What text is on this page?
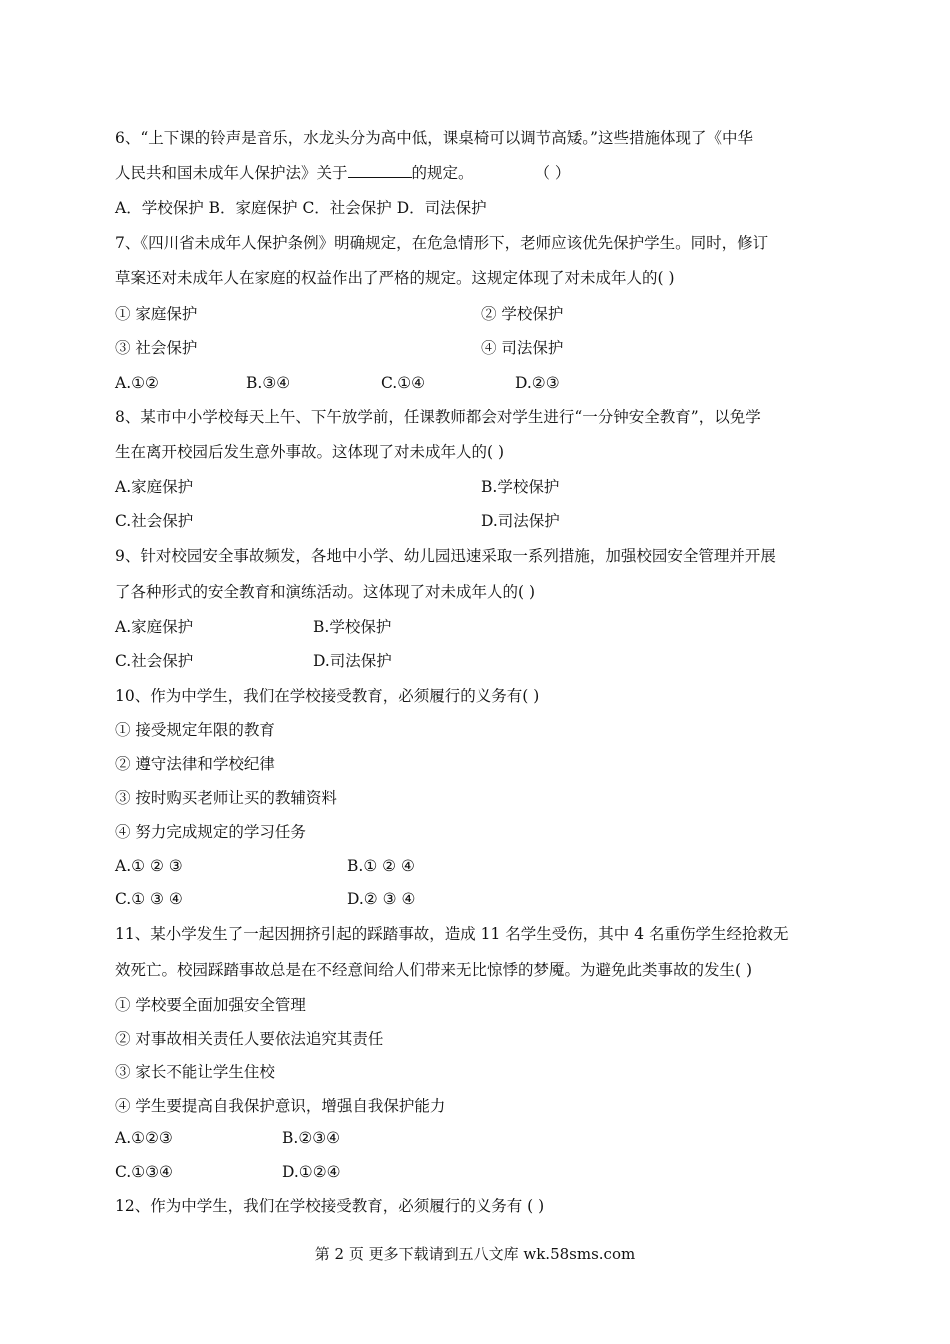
6、“上下课的铃声是音乐，水龙头分为高中低，课桌椅可以调节高矮。”这些措施体现了《中华
人民共和国未成年人保护法》关于	的规定。	（ ）
A．学校保护 B．家庭保护 C．社会保护 D．司法保护
7、《四川省未成年人保护条例》明确规定，在危急情形下，老师应该优先保护学生。同时，修订
草案还对未成年人在家庭的权益作出了严格的规定。这规定体现了对未成年人的( )
① 家庭保护	② 学校保护
③ 社会保护	④ 司法保护
A.①②	B.③④	C.①④	D.②③
8、某市中小学校每天上午、下午放学前，任课教师都会对学生进行“一分钟安全教育”，以免学
生在离开校园后发生意外事故。这体现了对未成年人的( )
A.家庭保护	B.学校保护
C.社会保护	D.司法保护
9、针对校园安全事故频发，各地中小学、幼儿园迅速采取一系列措施，加强校园安全管理并开展
了各种形式的安全教育和演练活动。这体现了对未成年人的( )
A.家庭保护	B.学校保护
C.社会保护	D.司法保护
10、作为中学生，我们在学校接受教育，必须履行的义务有( )
① 接受规定年限的教育
② 遵守法律和学校纪律
③ 按时购买老师让买的教辅资料
④ 努力完成规定的学习任务
A.① ② ③	B.① ② ④
C.① ③ ④	D.② ③ ④
11、某小学发生了一起因拥挤引起的踩踏事故，造成 11 名学生受伤，其中 4 名重伤学生经抢救无
效死亡。校园踩踏事故总是在不经意间给人们带来无比惊悸的梦魇。为避免此类事故的发生( )
① 学校要全面加强安全管理
② 对事故相关责任人要依法追究其责任
③ 家长不能让学生住校
④ 学生要提高自我保护意识，增强自我保护能力
A.①②③	B.②③④
C.①③④	D.①②④
12、作为中学生，我们在学校接受教育，必须履行的义务有 ( )
第 2 页 更多下载请到五八文库 wk.58sms.com
